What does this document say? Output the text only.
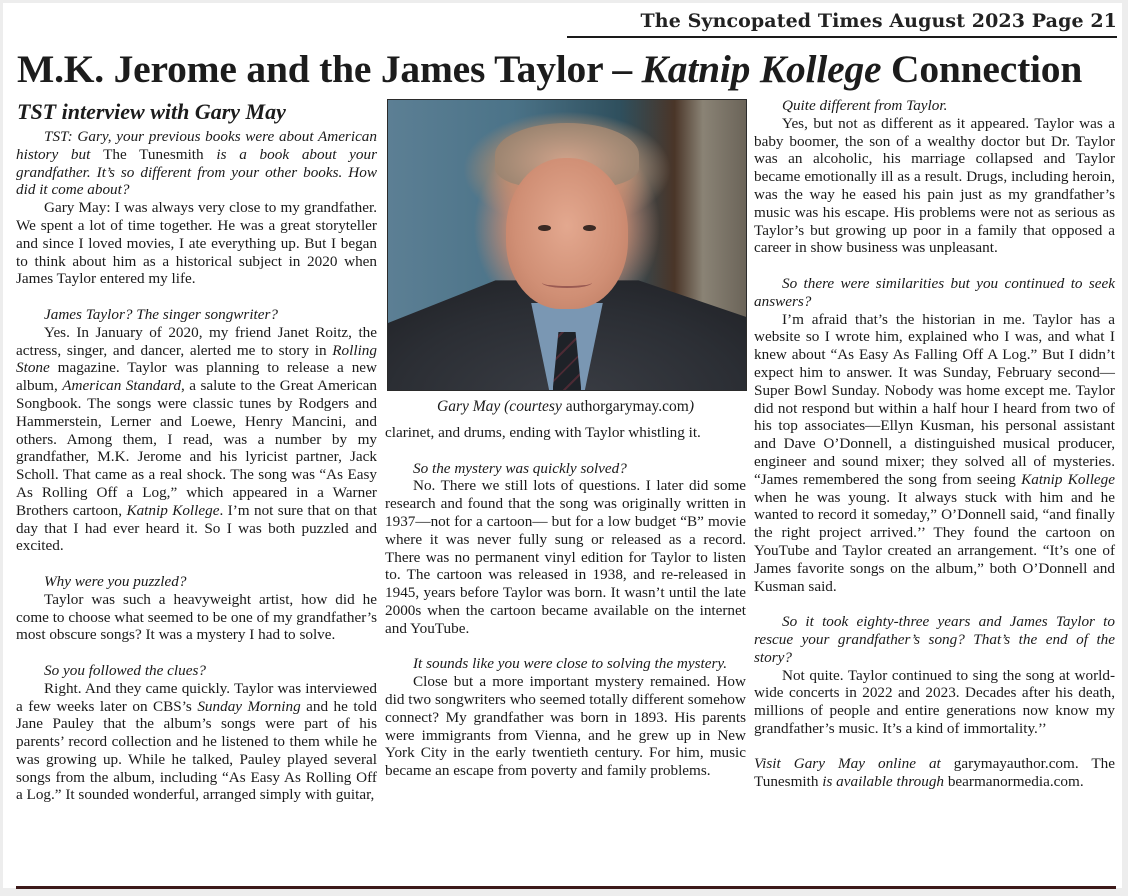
The Syncopated Times August 2023 Page 21
M.K. Jerome and the James Taylor – Katnip Kollege Connection
TST interview with Gary May

TST: Gary, your previous books were about American history but The Tunesmith is a book about your grandfather. It’s so different from your other books. How did it come about?

Gary May: I was always very close to my grandfather. We spent a lot of time together. He was a great storyteller and since I loved movies, I ate everything up. But I began to think about him as a historical subject in 2020 when James Taylor entered my life.

James Taylor? The singer songwriter?

Yes. In January of 2020, my friend Janet Roitz, the actress, singer, and dancer, alerted me to story in Rolling Stone magazine. Taylor was planning to release a new album, American Standard, a salute to the Great American Songbook. The songs were classic tunes by Rodgers and Hammerstein, Lerner and Loewe, Henry Mancini, and others. Among them, I read, was a number by my grandfather, M.K. Jerome and his lyricist partner, Jack Scholl. That came as a real shock. The song was “As Easy As Rolling Off a Log,” which appeared in a Warner Brothers cartoon, Katnip Kollege. I’m not sure that on that day that I had ever heard it. So I was both puzzled and excited.

Why were you puzzled?

Taylor was such a heavyweight artist, how did he come to choose what seemed to be one of my grandfather’s most obscure songs? It was a mystery I had to solve.

So you followed the clues?

Right. And they came quickly. Taylor was interviewed a few weeks later on CBS’s Sunday Morning and he told Jane Pauley that the album’s songs were part of his parents’ record collection and he listened to them while he was growing up. While he talked, Pauley played several songs from the album, including “As Easy As Rolling Off a Log.” It sounded wonderful, arranged simply with guitar,

Gary May (courtesy authorgarymay.com)

clarinet, and drums, ending with Taylor whistling it.

So the mystery was quickly solved?

No. There we still lots of questions. I later did some research and found that the song was originally written in 1937—not for a cartoon— but for a low budget “B” movie where it was never fully sung or released as a record. There was no permanent vinyl edition for Taylor to listen to. The cartoon was released in 1938, and re-released in 1945, years before Taylor was born. It wasn’t until the late 2000s when the cartoon became available on the internet and YouTube.

It sounds like you were close to solving the mystery.

Close but a more important mystery remained. How did two songwriters who seemed totally different somehow connect? My grandfather was born in 1893. His parents were immigrants from Vienna, and he grew up in New York City in the early twentieth century. For him, music became an escape from poverty and family problems.

Quite different from Taylor.

Yes, but not as different as it appeared. Taylor was a baby boomer, the son of a wealthy doctor but Dr. Taylor was an alcoholic, his marriage collapsed and Taylor became emotionally ill as a result. Drugs, including heroin, was the way he eased his pain just as my grandfather’s music was his escape. His problems were not as serious as Taylor’s but growing up poor in a family that opposed a career in show business was unpleasant.

So there were similarities but you continued to seek answers?

I’m afraid that’s the historian in me. Taylor has a website so I wrote him, explained who I was, and what I knew about “As Easy As Falling Off A Log.” But I didn’t expect him to answer. It was Sunday, February second—Super Bowl Sunday. Nobody was home except me. Taylor did not respond but within a half hour I heard from two of his top associates—Ellyn Kusman, his personal assistant and Dave O’Donnell, a distinguished musical producer, engineer and sound mixer; they solved all of mysteries. “James remembered the song from seeing Katnip Kollege when he was young. It always stuck with him and he wanted to record it someday,” O’Donnell said, “and finally the right project arrived.’’ They found the cartoon on YouTube and Taylor created an arrangement. “It’s one of James favorite songs on the album,” both O’Donnell and Kusman said.

So it took eighty-three years and James Taylor to rescue your grandfather’s song? That’s the end of the story?

Not quite. Taylor continued to sing the song at world-wide concerts in 2022 and 2023. Decades after his death, millions of people and entire generations now know my grandfather’s music. It’s a kind of immortality.’’

Visit Gary May online at garymayauthor.com. The Tunesmith is available through bearmanormedia.com.
